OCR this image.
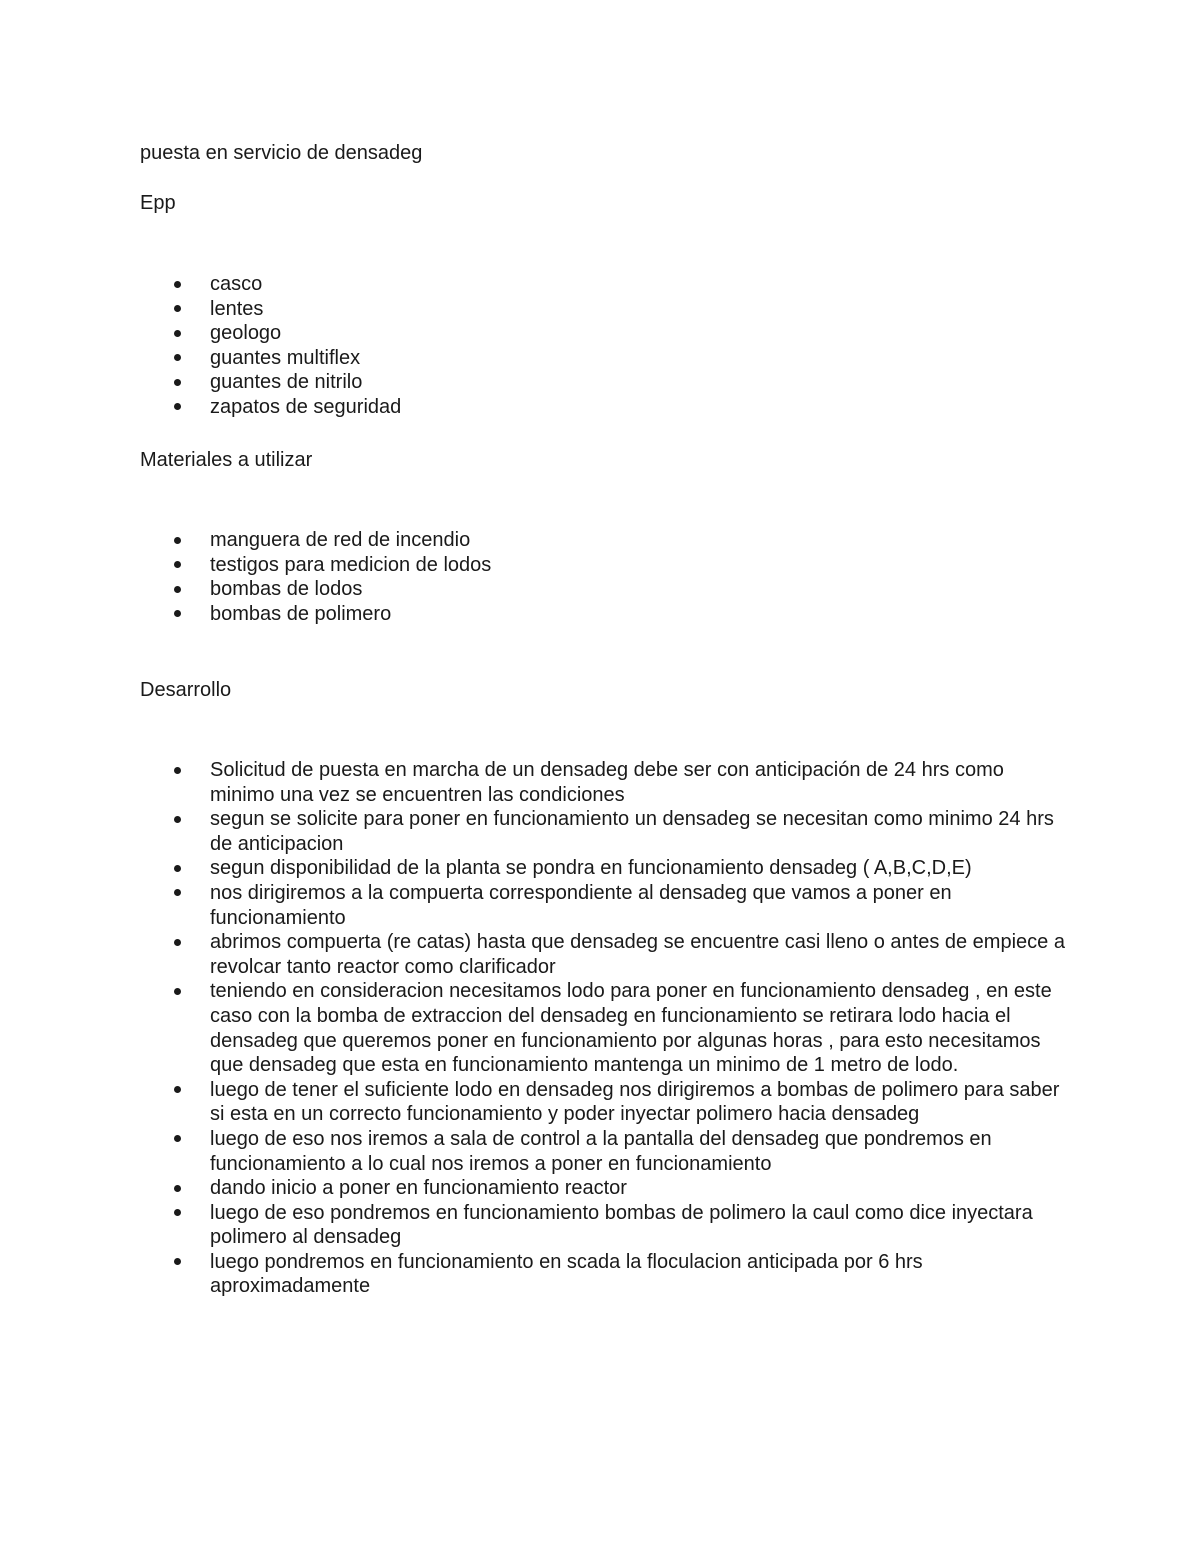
puesta en servicio de densadeg

Epp

casco
lentes
geologo
guantes multiflex
guantes de nitrilo
zapatos de seguridad

Materiales a utilizar

manguera de red de incendio
testigos para medicion de lodos
bombas de lodos
bombas de polimero

Desarrollo

Solicitud de puesta en marcha de un densadeg debe ser con anticipación de 24 hrs como minimo una vez se encuentren las condiciones
segun se solicite para poner en funcionamiento un densadeg se necesitan como minimo 24 hrs de anticipacion
segun disponibilidad de la planta se pondra en funcionamiento densadeg ( A,B,C,D,E)
nos dirigiremos a la compuerta correspondiente al densadeg que vamos a poner en funcionamiento
abrimos compuerta (re catas) hasta que densadeg se encuentre casi lleno o antes de empiece a revolcar tanto reactor como clarificador
teniendo en consideracion necesitamos lodo para poner en funcionamiento densadeg , en este caso con la bomba de extraccion del densadeg en funcionamiento se retirara lodo hacia el densadeg que queremos poner en funcionamiento por algunas horas , para esto necesitamos que densadeg que esta en funcionamiento mantenga un minimo de 1 metro de lodo.
luego de tener el suficiente lodo en densadeg nos dirigiremos a bombas de polimero para saber si esta en un correcto funcionamiento y poder inyectar polimero hacia densadeg
luego de eso nos iremos a sala de control a la pantalla del densadeg que pondremos en funcionamiento a lo cual nos iremos a poner en funcionamiento
dando inicio a poner en funcionamiento reactor
luego de eso pondremos en funcionamiento bombas de polimero la caul como dice inyectara polimero al densadeg
luego pondremos en funcionamiento en scada la floculacion anticipada por 6 hrs aproximadamente
